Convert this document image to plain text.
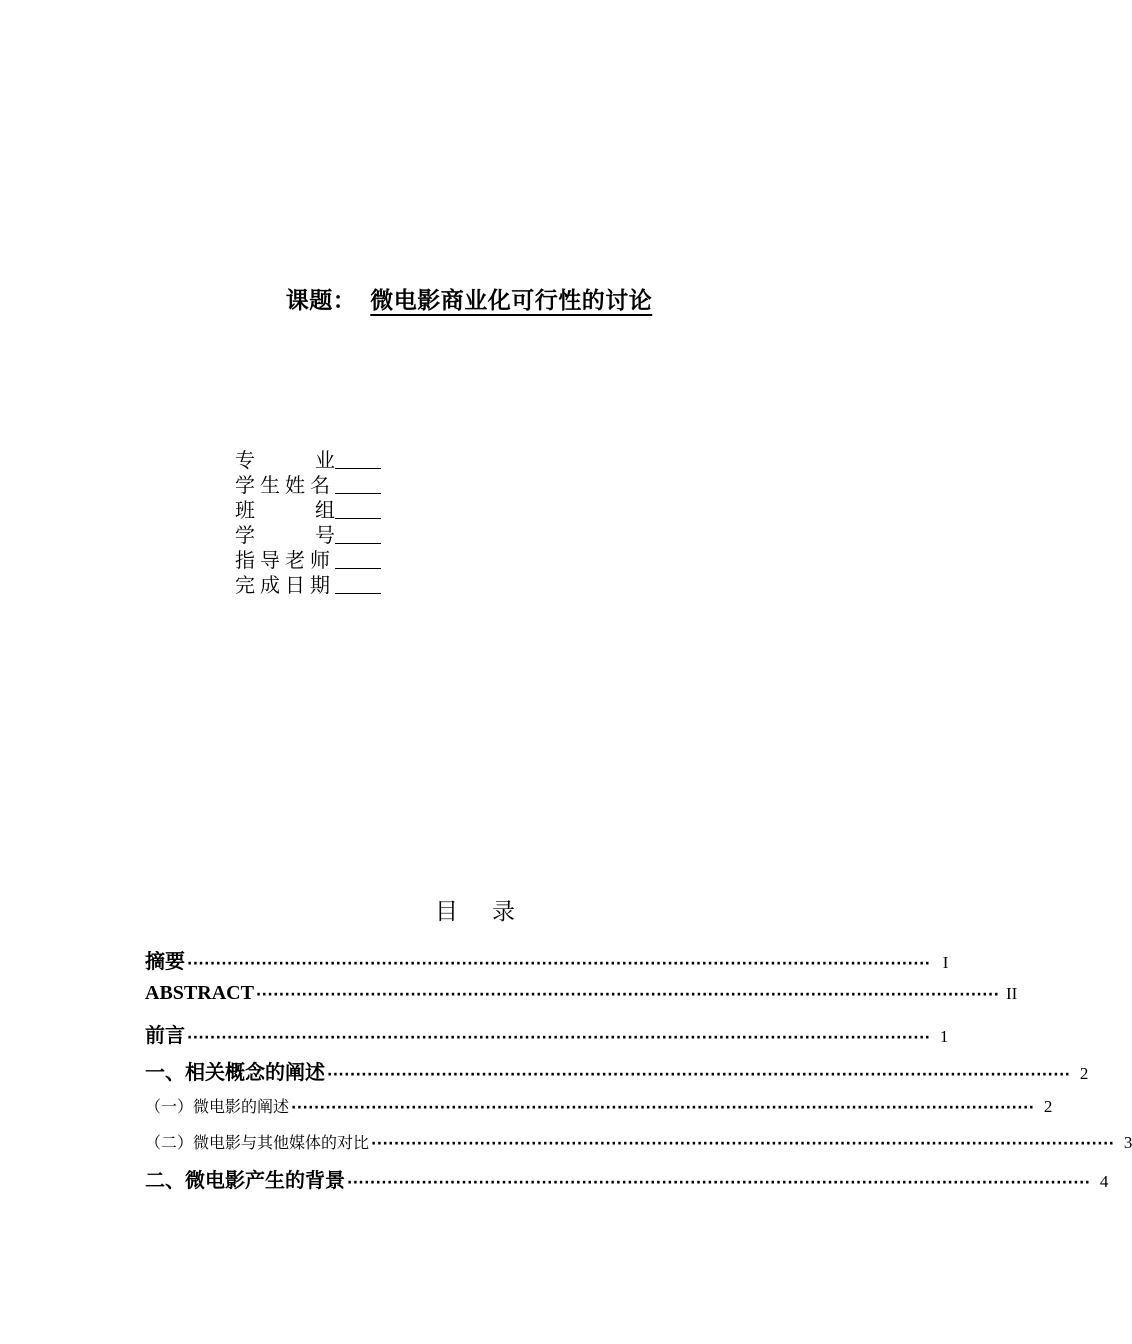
课题： 微电影商业化可行性的讨论
专	业
学生姓名
班	组
学	号
指导老师
完成日期
目录
摘要 ·································································································································· I
ABSTRACT ·································································································································· II
前言 ·································································································································· 1
一、相关概念的阐述 ·································································································································· 2
（一）微电影的阐述 ·································································································································· 2
（二）微电影与其他媒体的对比 ·································································································································· 3
二、微电影产生的背景 ·································································································································· 4
